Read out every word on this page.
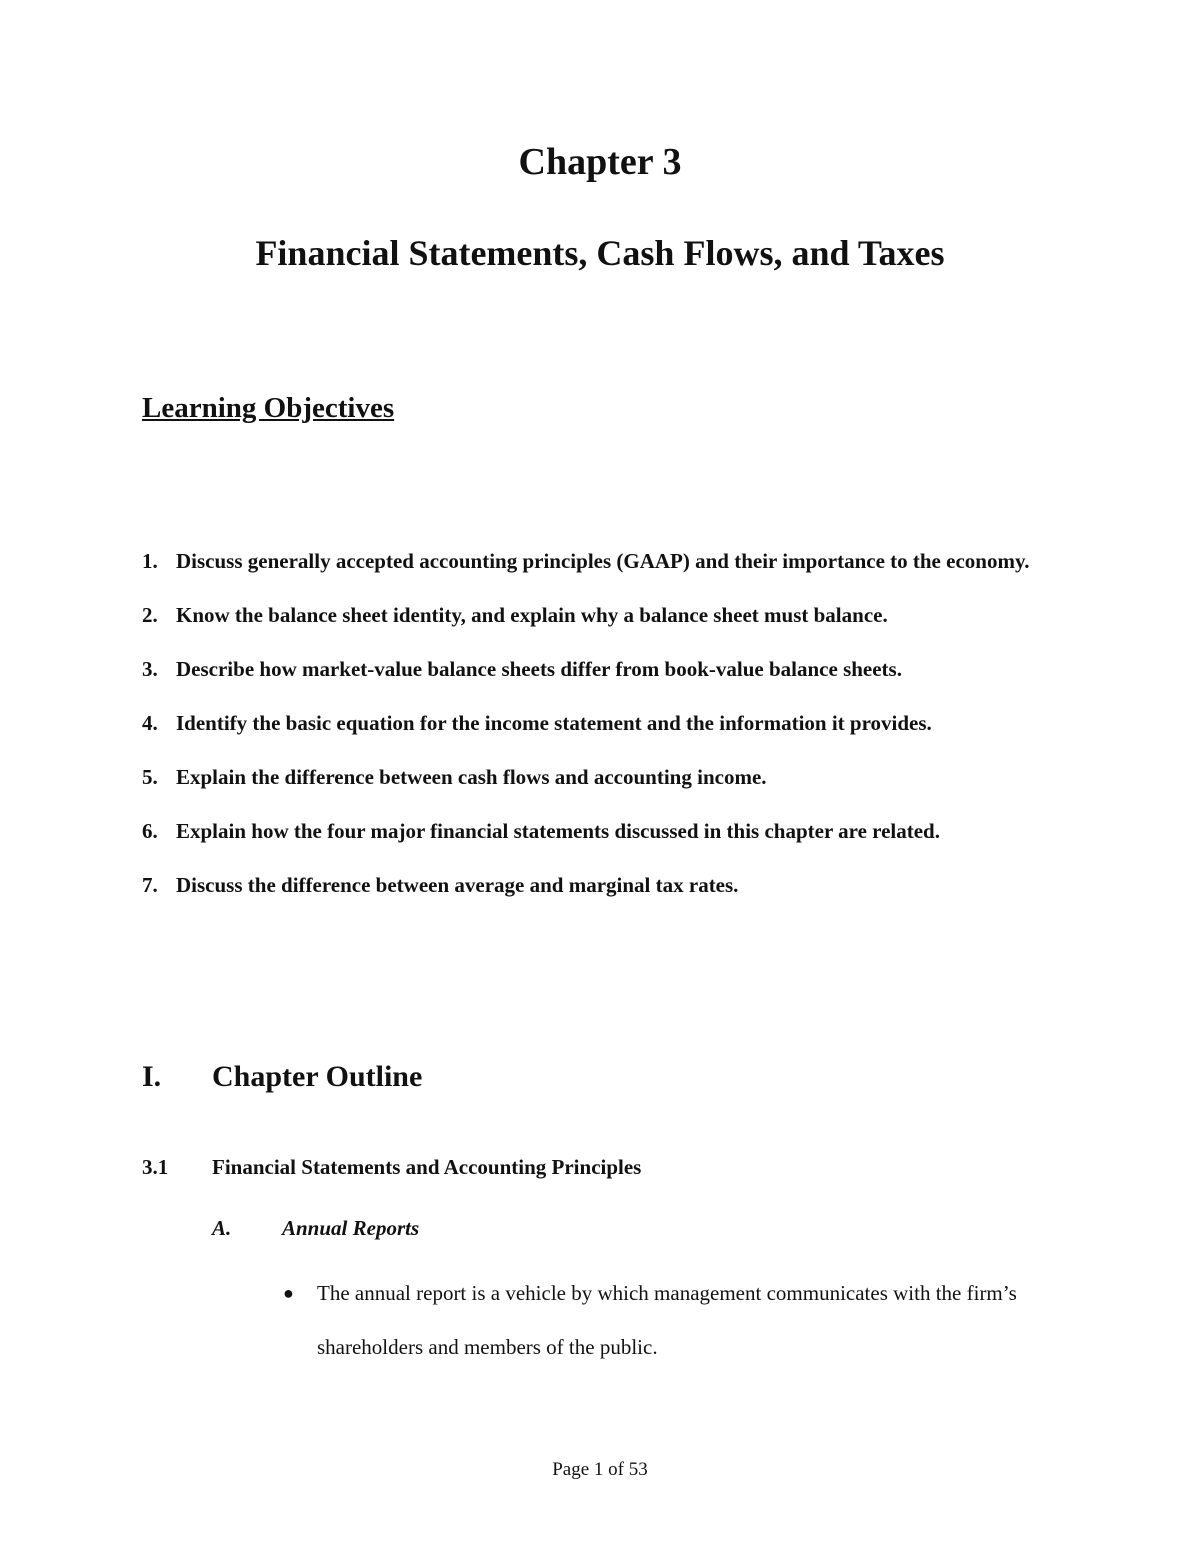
Chapter 3
Financial Statements, Cash Flows, and Taxes
Learning Objectives
1. Discuss generally accepted accounting principles (GAAP) and their importance to the economy.
2. Know the balance sheet identity, and explain why a balance sheet must balance.
3. Describe how market-value balance sheets differ from book-value balance sheets.
4. Identify the basic equation for the income statement and the information it provides.
5. Explain the difference between cash flows and accounting income.
6. Explain how the four major financial statements discussed in this chapter are related.
7. Discuss the difference between average and marginal tax rates.
I. Chapter Outline
3.1 Financial Statements and Accounting Principles
A. Annual Reports
● The annual report is a vehicle by which management communicates with the firm’s shareholders and members of the public.
Page 1 of 53
